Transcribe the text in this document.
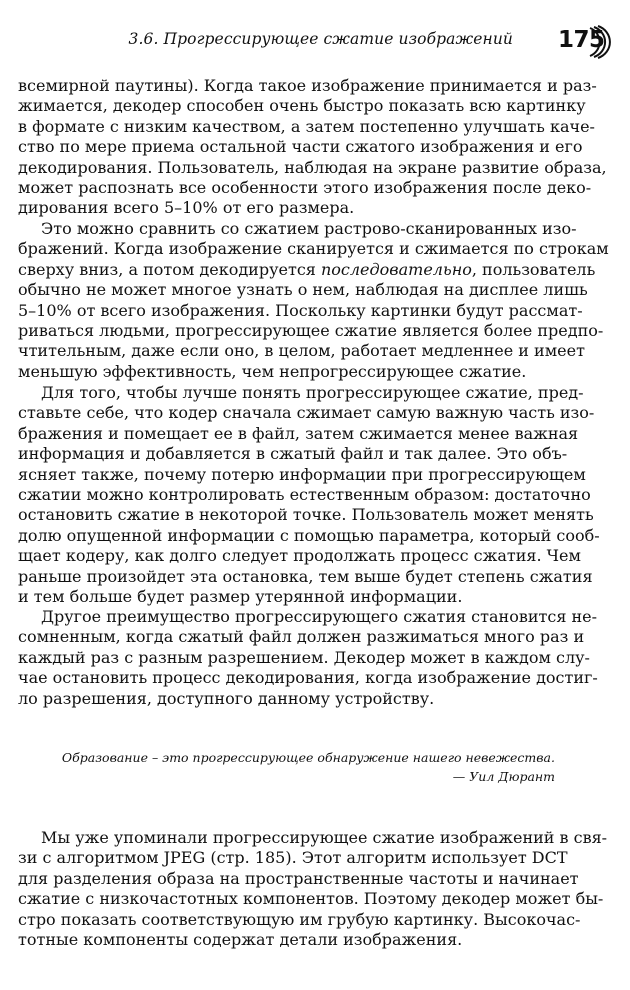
3.6. Прогрессирующее сжатие изображений 175
всемирной паутины). Когда такое изображение принимается и раз-
жимается, декодер способен очень быстро показать всю картинку
в формате с низким качеством, а затем постепенно улучшать каче-
ство по мере приема остальной части сжатого изображения и его
декодирования. Пользователь, наблюдая на экране развитие образа,
может распознать все особенности этого изображения после деко-
дирования всего 5–10% от его размера.
Это можно сравнить со сжатием растрово-сканированных изо-
бражений. Когда изображение сканируется и сжимается по строкам
сверху вниз, а потом декодируется последовательно, пользователь
обычно не может многое узнать о нем, наблюдая на дисплее лишь
5–10% от всего изображения. Поскольку картинки будут рассмат-
риваться людьми, прогрессирующее сжатие является более предпо-
чтительным, даже если оно, в целом, работает медленнее и имеет
меньшую эффективность, чем непрогрессирующее сжатие.
Для того, чтобы лучше понять прогрессирующее сжатие, пред-
ставьте себе, что кодер сначала сжимает самую важную часть изо-
бражения и помещает ее в файл, затем сжимается менее важная
информация и добавляется в сжатый файл и так далее. Это объ-
ясняет также, почему потерю информации при прогрессирующем
сжатии можно контролировать естественным образом: достаточно
остановить сжатие в некоторой точке. Пользователь может менять
долю опущенной информации с помощью параметра, который сооб-
щает кодеру, как долго следует продолжать процесс сжатия. Чем
раньше произойдет эта остановка, тем выше будет степень сжатия
и тем больше будет размер утерянной информации.
Другое преимущество прогрессирующего сжатия становится не-
сомненным, когда сжатый файл должен разжиматься много раз и
каждый раз с разным разрешением. Декодер может в каждом слу-
чае остановить процесс декодирования, когда изображение достиг-
ло разрешения, доступного данному устройству.
Образование – это прогрессирующее обнаружение нашего невежества.
— Уил Дюрант
Мы уже упоминали прогрессирующее сжатие изображений в свя-
зи с алгоритмом JPEG (стр. 185). Этот алгоритм использует DCT
для разделения образа на пространственные частоты и начинает
сжатие с низкочастотных компонентов. Поэтому декодер может бы-
стро показать соответствующую им грубую картинку. Высокочас-
тотные компоненты содержат детали изображения.
